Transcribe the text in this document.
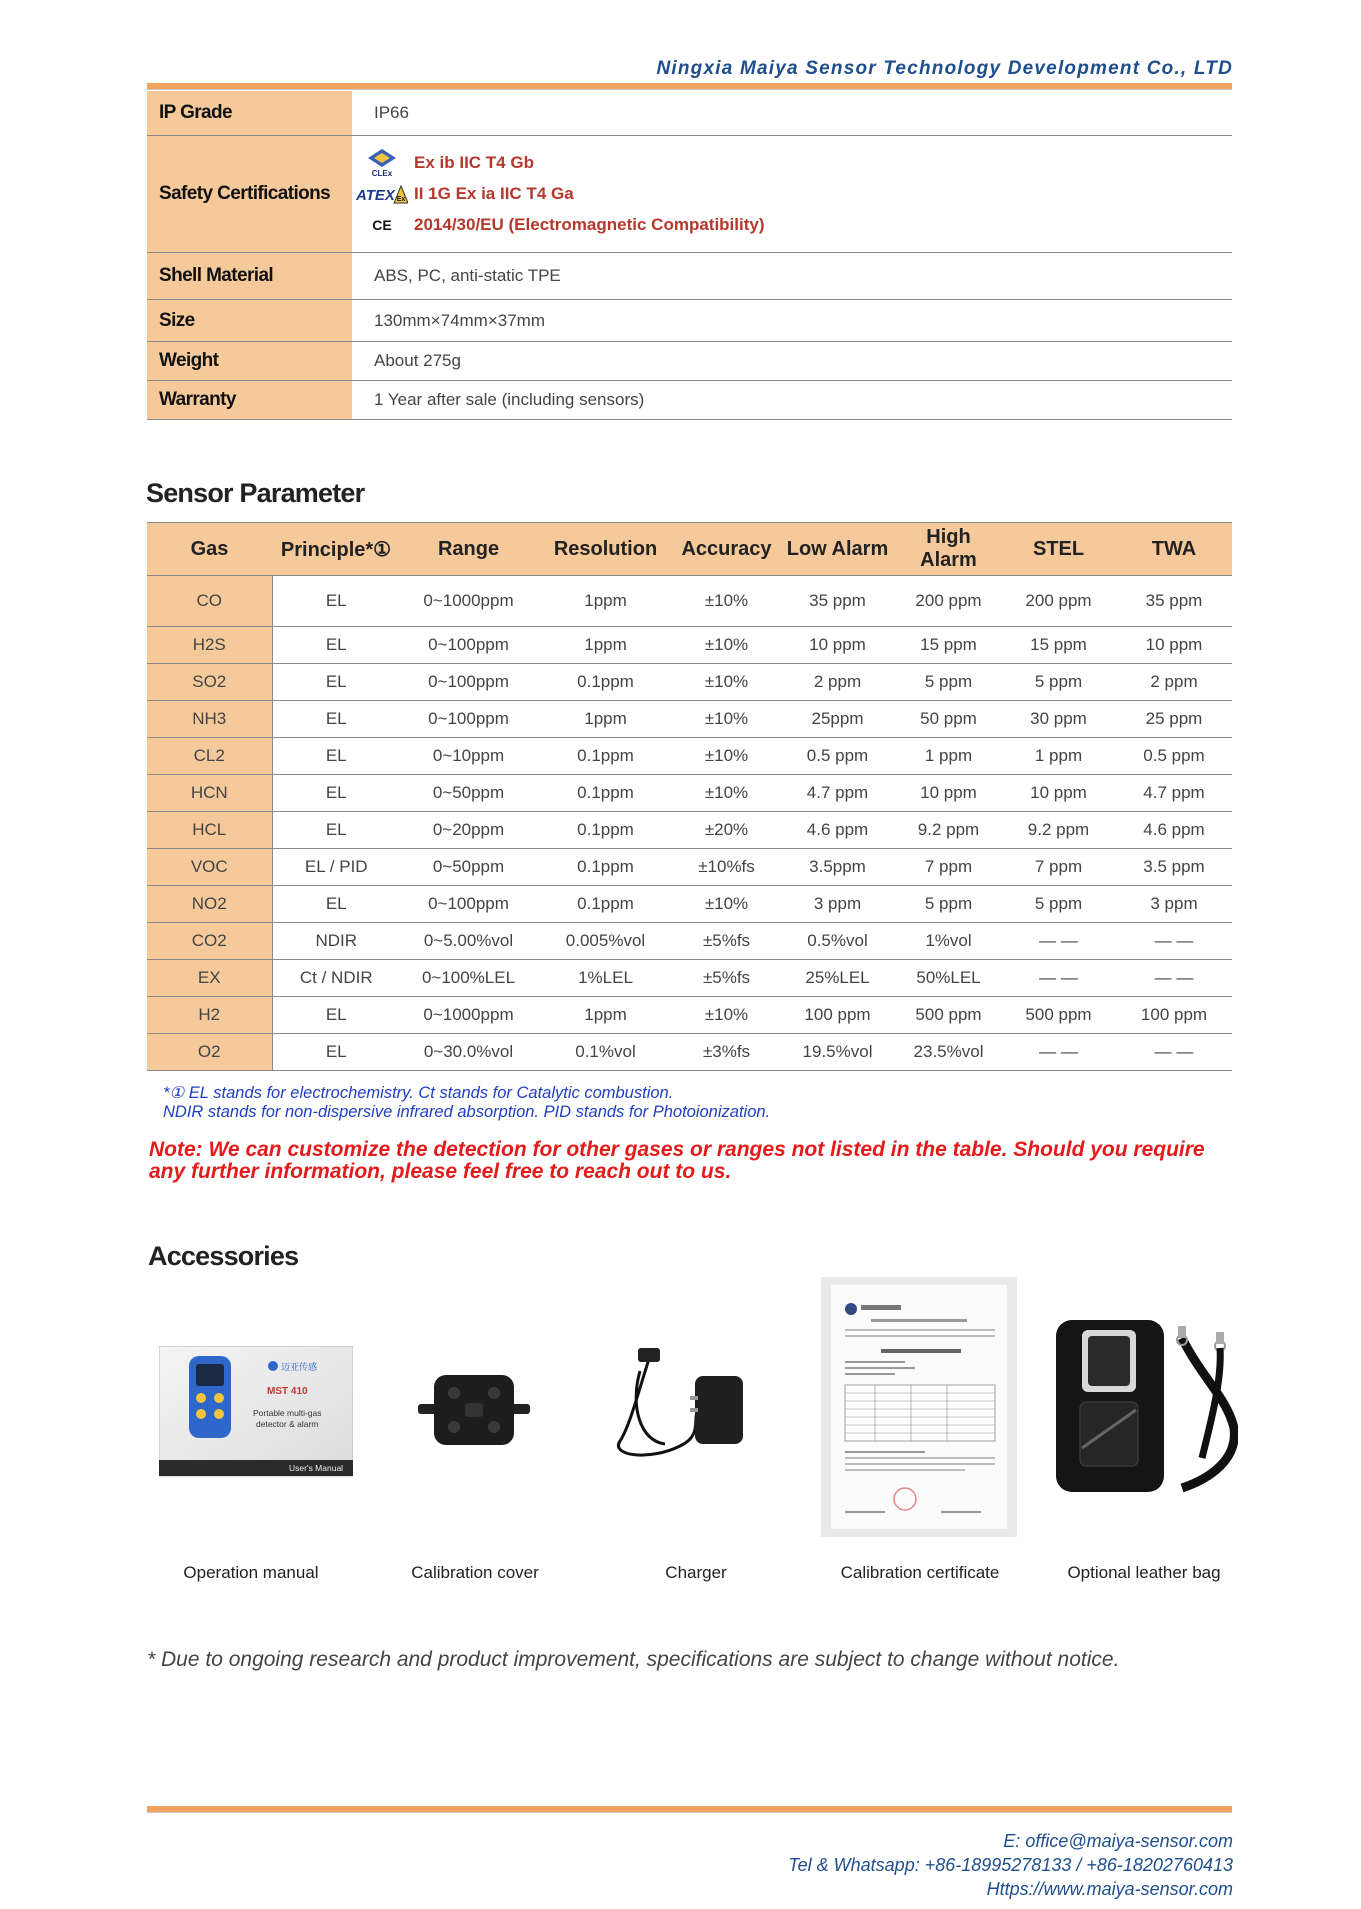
Ningxia Maiya Sensor Technology Development Co., LTD
IP Grade	IP66
Safety Certifications
CLEx
Ex ib IIC T4 Gb
ATEX Ex II 1G Ex ia IIC T4 Ga
CE	2014/30/EU (Electromagnetic Compatibility)
Shell Material	ABS, PC, anti-static TPE
Size	130mm×74mm×37mm
Weight	About 275g
Warranty	1 Year after sale (including sensors)
Sensor Parameter
Gas	Principle*①	Range	Resolution	Accuracy	Low Alarm	High Alarm	STEL	TWA
CO	EL	0~1000ppm	1ppm	±10%	35 ppm	200 ppm	200 ppm	35 ppm
H2S	EL	0~100ppm	1ppm	±10%	10 ppm	15 ppm	15 ppm	10 ppm
SO2	EL	0~100ppm	0.1ppm	±10%	2 ppm	5 ppm	5 ppm	2 ppm
NH3	EL	0~100ppm	1ppm	±10%	25ppm	50 ppm	30 ppm	25 ppm
CL2	EL	0~10ppm	0.1ppm	±10%	0.5 ppm	1 ppm	1 ppm	0.5 ppm
HCN	EL	0~50ppm	0.1ppm	±10%	4.7 ppm	10 ppm	10 ppm	4.7 ppm
HCL	EL	0~20ppm	0.1ppm	±20%	4.6 ppm	9.2 ppm	9.2 ppm	4.6 ppm
VOC	EL / PID	0~50ppm	0.1ppm	±10%fs	3.5ppm	7 ppm	7 ppm	3.5 ppm
NO2	EL	0~100ppm	0.1ppm	±10%	3 ppm	5 ppm	5 ppm	3 ppm
CO2	NDIR	0~5.00%vol	0.005%vol	±5%fs	0.5%vol	1%vol	— —	— —
EX	Ct / NDIR	0~100%LEL	1%LEL	±5%fs	25%LEL	50%LEL	— —	— —
H2	EL	0~1000ppm	1ppm	±10%	100 ppm	500 ppm	500 ppm	100 ppm
O2	EL	0~30.0%vol	0.1%vol	±3%fs	19.5%vol	23.5%vol	— —	— —
*① EL stands for electrochemistry. Ct stands for Catalytic combustion.
NDIR stands for non-dispersive infrared absorption. PID stands for Photoionization.
Note: We can customize the detection for other gases or ranges not listed in the table. Should you require any further information, please feel free to reach out to us.
Accessories
迈亚传感
MST 410
Portable multi-gas
detector & alarm
User's Manual
Operation manual	Calibration cover	Charger	Calibration certificate	Optional leather bag
* Due to ongoing research and product improvement, specifications are subject to change without notice.
E: office@maiya-sensor.com
Tel & Whatsapp: +86-18995278133 / +86-18202760413
Https://www.maiya-sensor.com
